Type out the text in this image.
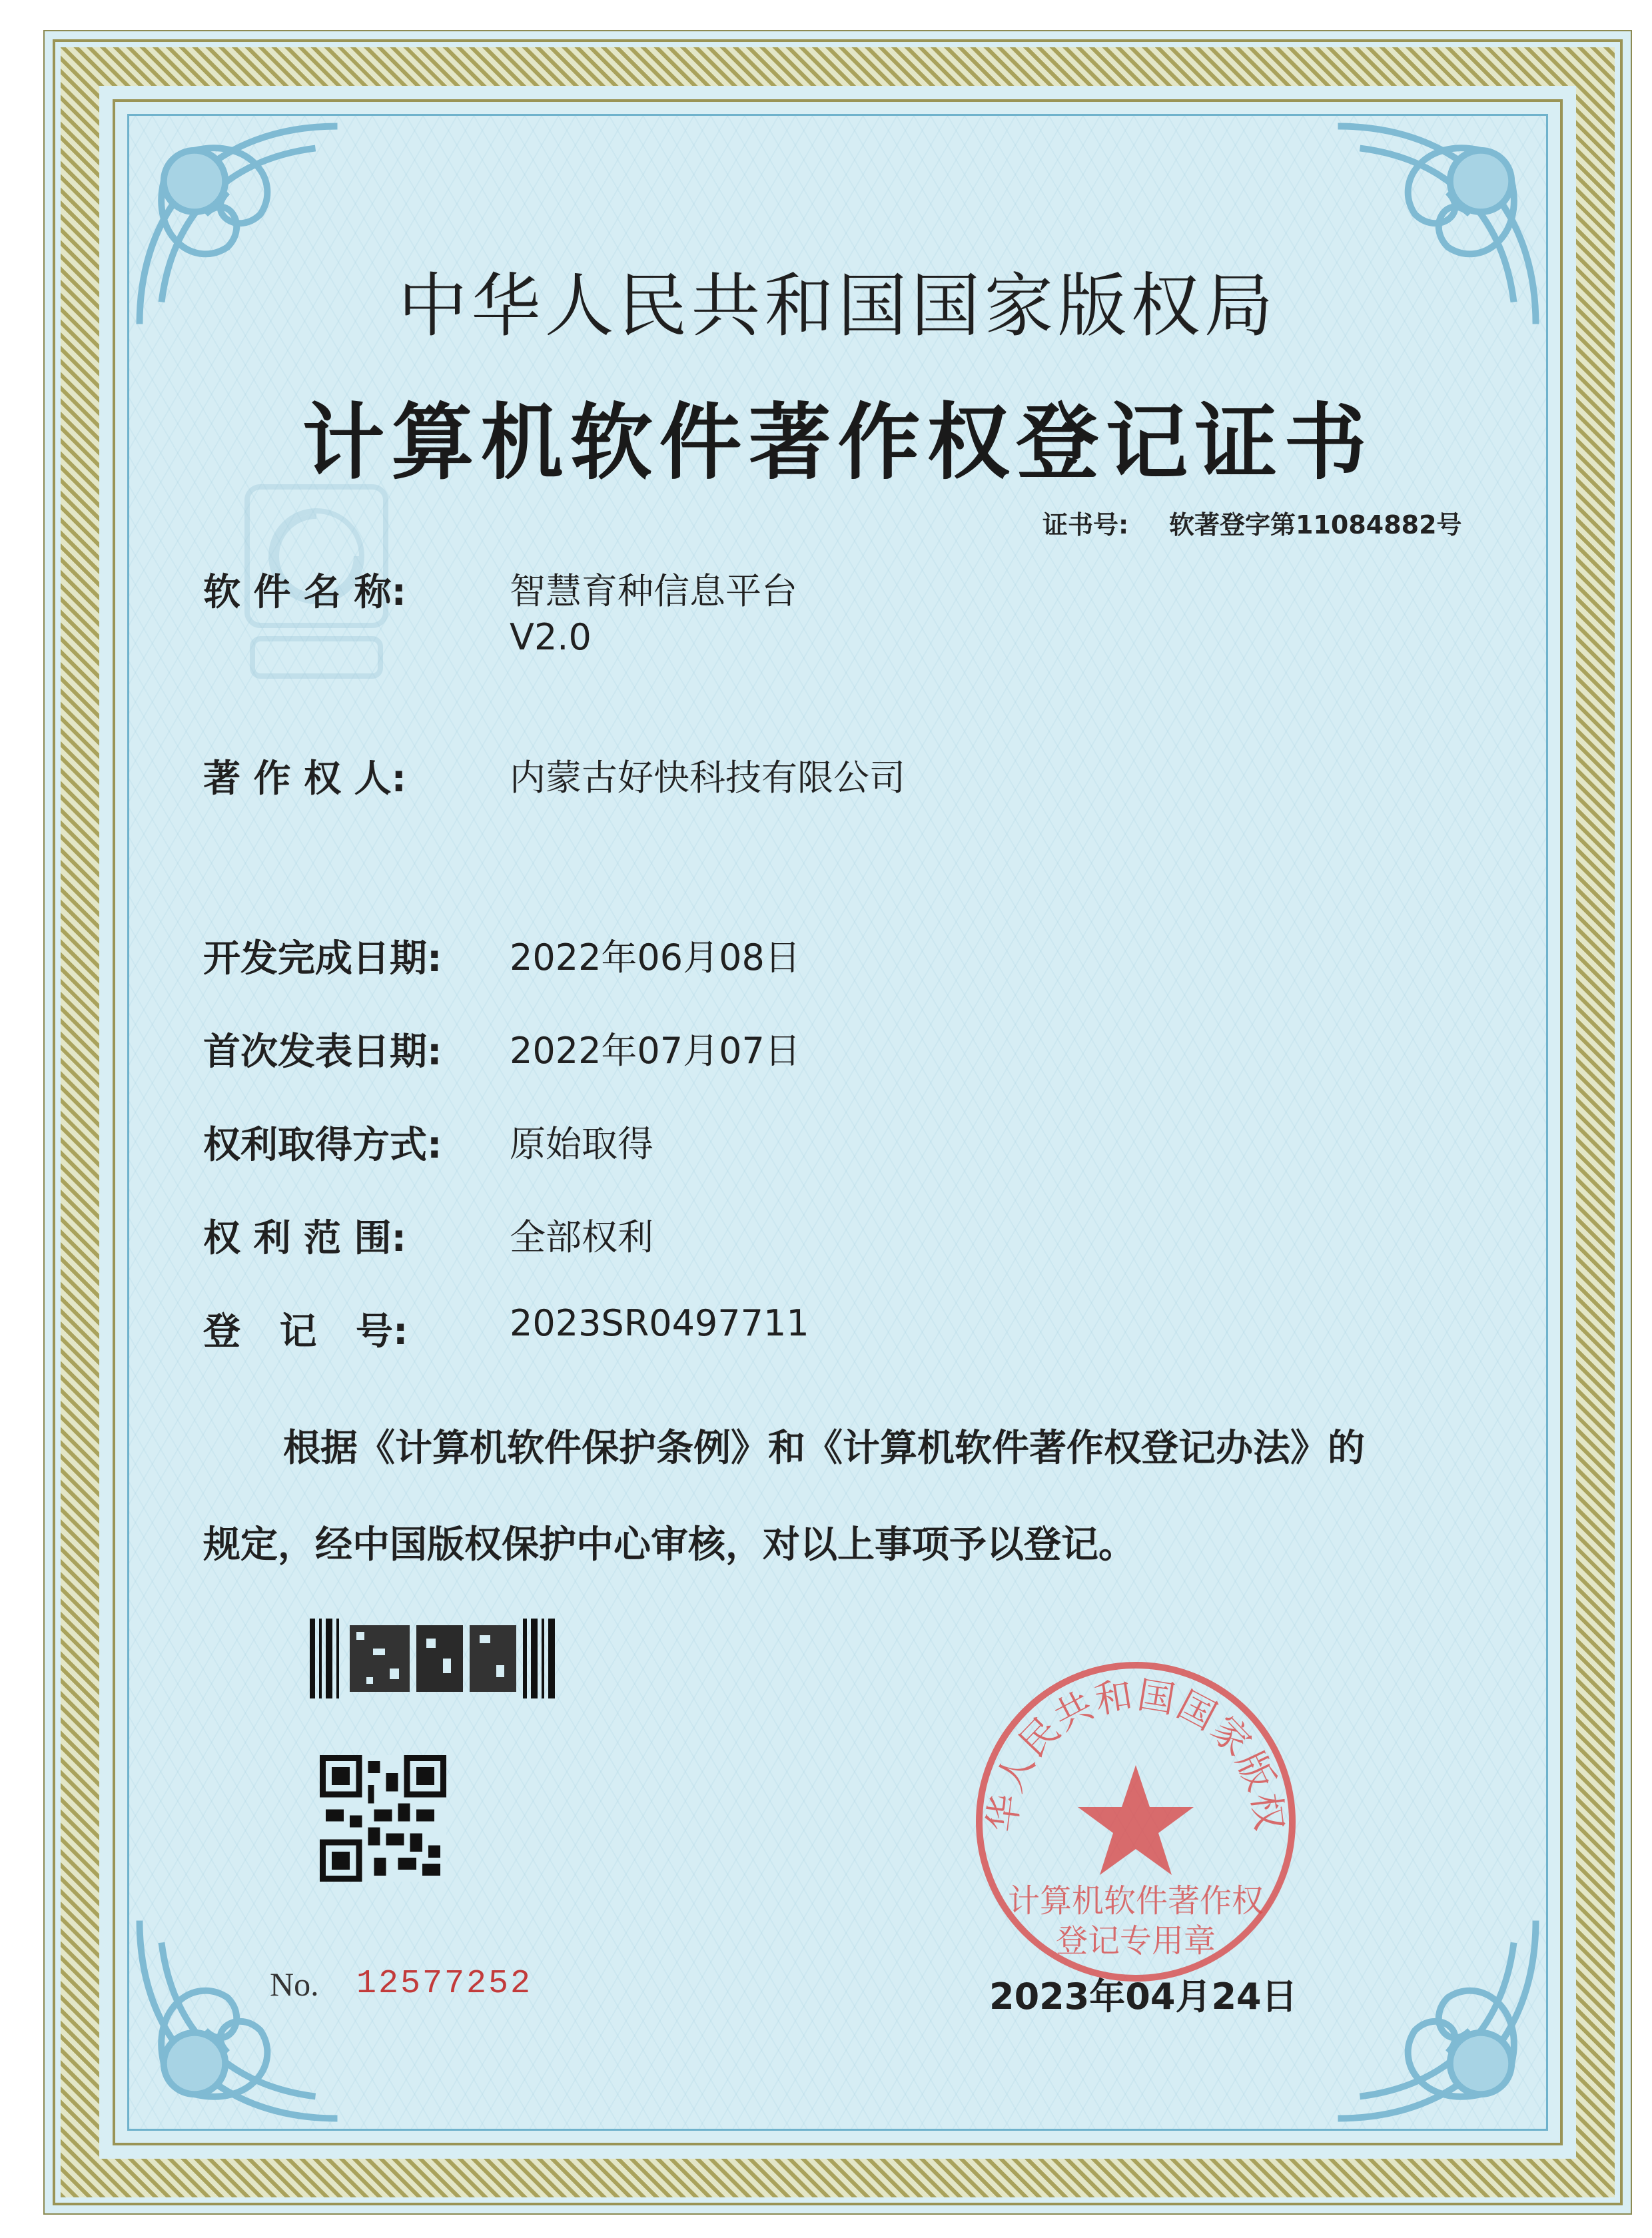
中华人民共和国国家版权局
计算机软件著作权登记证书
证书号: 软著登字第11084882号
软 件 名 称:	智慧育种信息平台
V2.0
著 作 权 人:	内蒙古好快科技有限公司
开发完成日期: 2022年06月08日
首次发表日期: 2022年07月07日
权利取得方式: 原始取得
权 利 范 围:	全部权利
登   记   号:	2023SR0497711
根据《计算机软件保护条例》和《计算机软件著作权登记办法》的
规定，经中国版权保护中心审核，对以上事项予以登记。
No. 12577252
华人民共和国国家版权
计算机软件著作权
登记专用章
2023年04月24日
